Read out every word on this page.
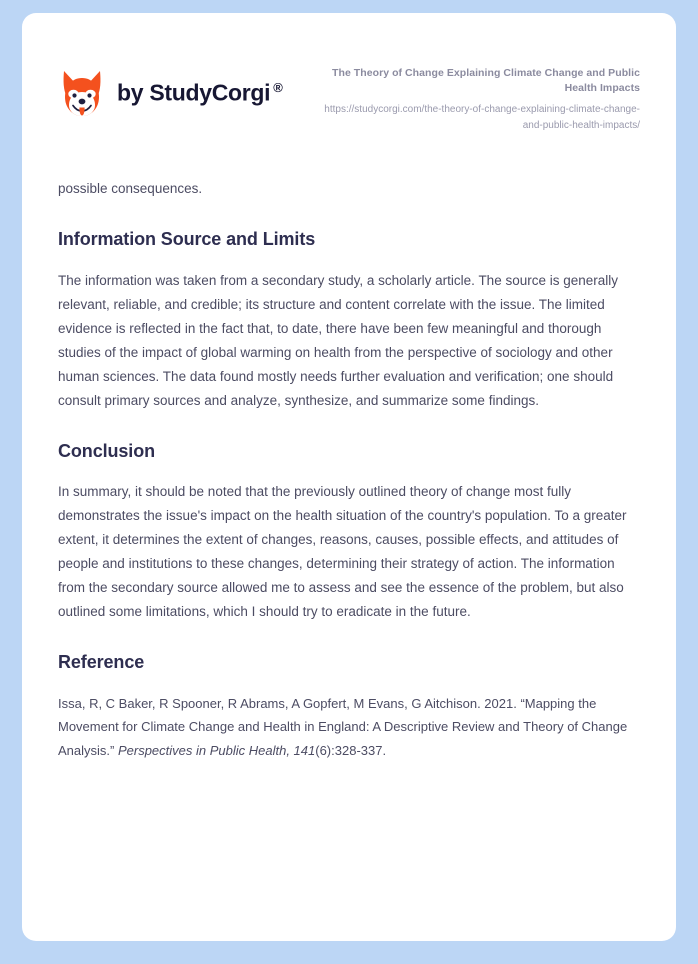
by StudyCorgi ®

The Theory of Change Explaining Climate Change and Public Health Impacts

https://studycorgi.com/the-theory-of-change-explaining-climate-change-and-public-health-impacts/

possible consequences.

Information Source and Limits

The information was taken from a secondary study, a scholarly article. The source is generally relevant, reliable, and credible; its structure and content correlate with the issue. The limited evidence is reflected in the fact that, to date, there have been few meaningful and thorough studies of the impact of global warming on health from the perspective of sociology and other human sciences. The data found mostly needs further evaluation and verification; one should consult primary sources and analyze, synthesize, and summarize some findings.

Conclusion

In summary, it should be noted that the previously outlined theory of change most fully demonstrates the issue's impact on the health situation of the country's population. To a greater extent, it determines the extent of changes, reasons, causes, possible effects, and attitudes of people and institutions to these changes, determining their strategy of action. The information from the secondary source allowed me to assess and see the essence of the problem, but also outlined some limitations, which I should try to eradicate in the future.

Reference

Issa, R, C Baker, R Spooner, R Abrams, A Gopfert, M Evans, G Aitchison. 2021. “Mapping the Movement for Climate Change and Health in England: A Descriptive Review and Theory of Change Analysis.” Perspectives in Public Health, 141(6):328-337.
